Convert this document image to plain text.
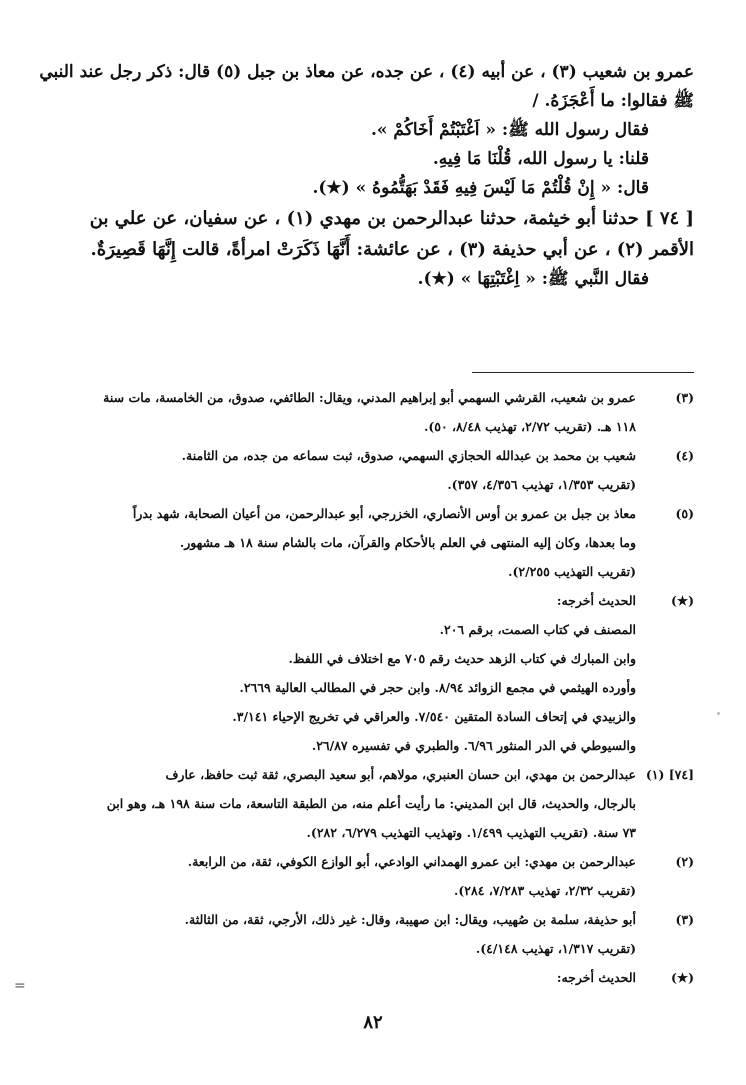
عمرو بن شعيب (٣) ، عن أبيه (٤) ، عن جده، عن معاذ بن جبل (٥) قال: ذكر رجل عند النبي
ﷺ فقالوا: ما أَعْجَزَهُ. /
فقال رسول الله ﷺ: « اَغْتَبْتُمْ أَخَاكُمْ ».
قلنا: يا رسول الله، قُلْنَا مَا فِيهِ.
قال: « إِنْ قُلْتُمْ مَا لَيْسَ فِيهِ فَقَدْ بَهَتُّمُوهُ » (★).
[ ٧٤ ] حدثنا أبو خيثمة، حدثنا عبدالرحمن بن مهدي (١) ، عن سفيان، عن علي بن
الأقمر (٢) ، عن أبي حذيفة (٣) ، عن عائشة: أَنَّهَا ذَكَرَتْ امرأةً، قالت إِنَّهَا قَصِيرَةٌ.
فقال النَّبي ﷺ: « اِغْتَبْتِهَا » (★).
(٣)
عمرو بن شعيب، القرشي السهمي أبو إبراهيم المدني، ويقال: الطائفي، صدوق، من الخامسة، مات سنة
١١٨ هـ. (تقريب ٢/٧٢، تهذيب ٨/٤٨، ٥٠).
(٤)
شعيب بن محمد بن عبدالله الحجازي السهمي، صدوق، ثبت سماعه من جده، من الثامنة.
(تقريب ١/٣٥٣، تهذيب ٤/٣٥٦، ٣٥٧).
(٥)
معاذ بن جبل بن عمرو بن أوس الأنصاري، الخزرجي، أبو عبدالرحمن، من أعيان الصحابة، شهد بدراً
وما بعدها، وكان إليه المنتهى في العلم بالأحكام والقرآن، مات بالشام سنة ١٨ هـ مشهور.
(تقريب التهذيب ٢/٢٥٥).
(★)
الحديث أخرجه:
المصنف في كتاب الصمت، برقم ٢٠٦.
وابن المبارك في كتاب الزهد حديث رقم ٧٠٥ مع اختلاف في اللفظ.
وأورده الهيثمي في مجمع الزوائد ٨/٩٤. وابن حجر في المطالب العالية ٢٦٦٩.
والزبيدي في إتحاف السادة المتقين ٧/٥٤٠. والعراقي في تخريج الإحياء ٣/١٤١.
والسيوطي في الدر المنثور ٦/٩٦. والطبري في تفسيره ٢٦/٨٧.
[٧٤] (١)
عبدالرحمن بن مهدي، ابن حسان العنبري، مولاهم، أبو سعيد البصري، ثقة ثبت حافظ، عارف
بالرجال، والحديث، قال ابن المديني: ما رأيت أعلم منه، من الطبقة التاسعة، مات سنة ١٩٨ هـ، وهو ابن
٧٣ سنة. (تقريب التهذيب ١/٤٩٩. وتهذيب التهذيب ٦/٢٧٩، ٢٨٢).
(٢)
عبدالرحمن بن مهدي: ابن عمرو الهمداني الوادعي، أبو الوازع الكوفي، ثقة، من الرابعة.
(تقريب ٢/٣٢، تهذيب ٧/٢٨٣، ٢٨٤).
(٣)
أبو حذيفة، سلمة بن صُهيب، ويقال: ابن صهيبة، وقال: غير ذلك، الأرجي، ثقة، من الثالثة.
(تقريب ١/٣١٧، تهذيب ٤/١٤٨).
(★)
الحديث أخرجه:
=
٨٢
